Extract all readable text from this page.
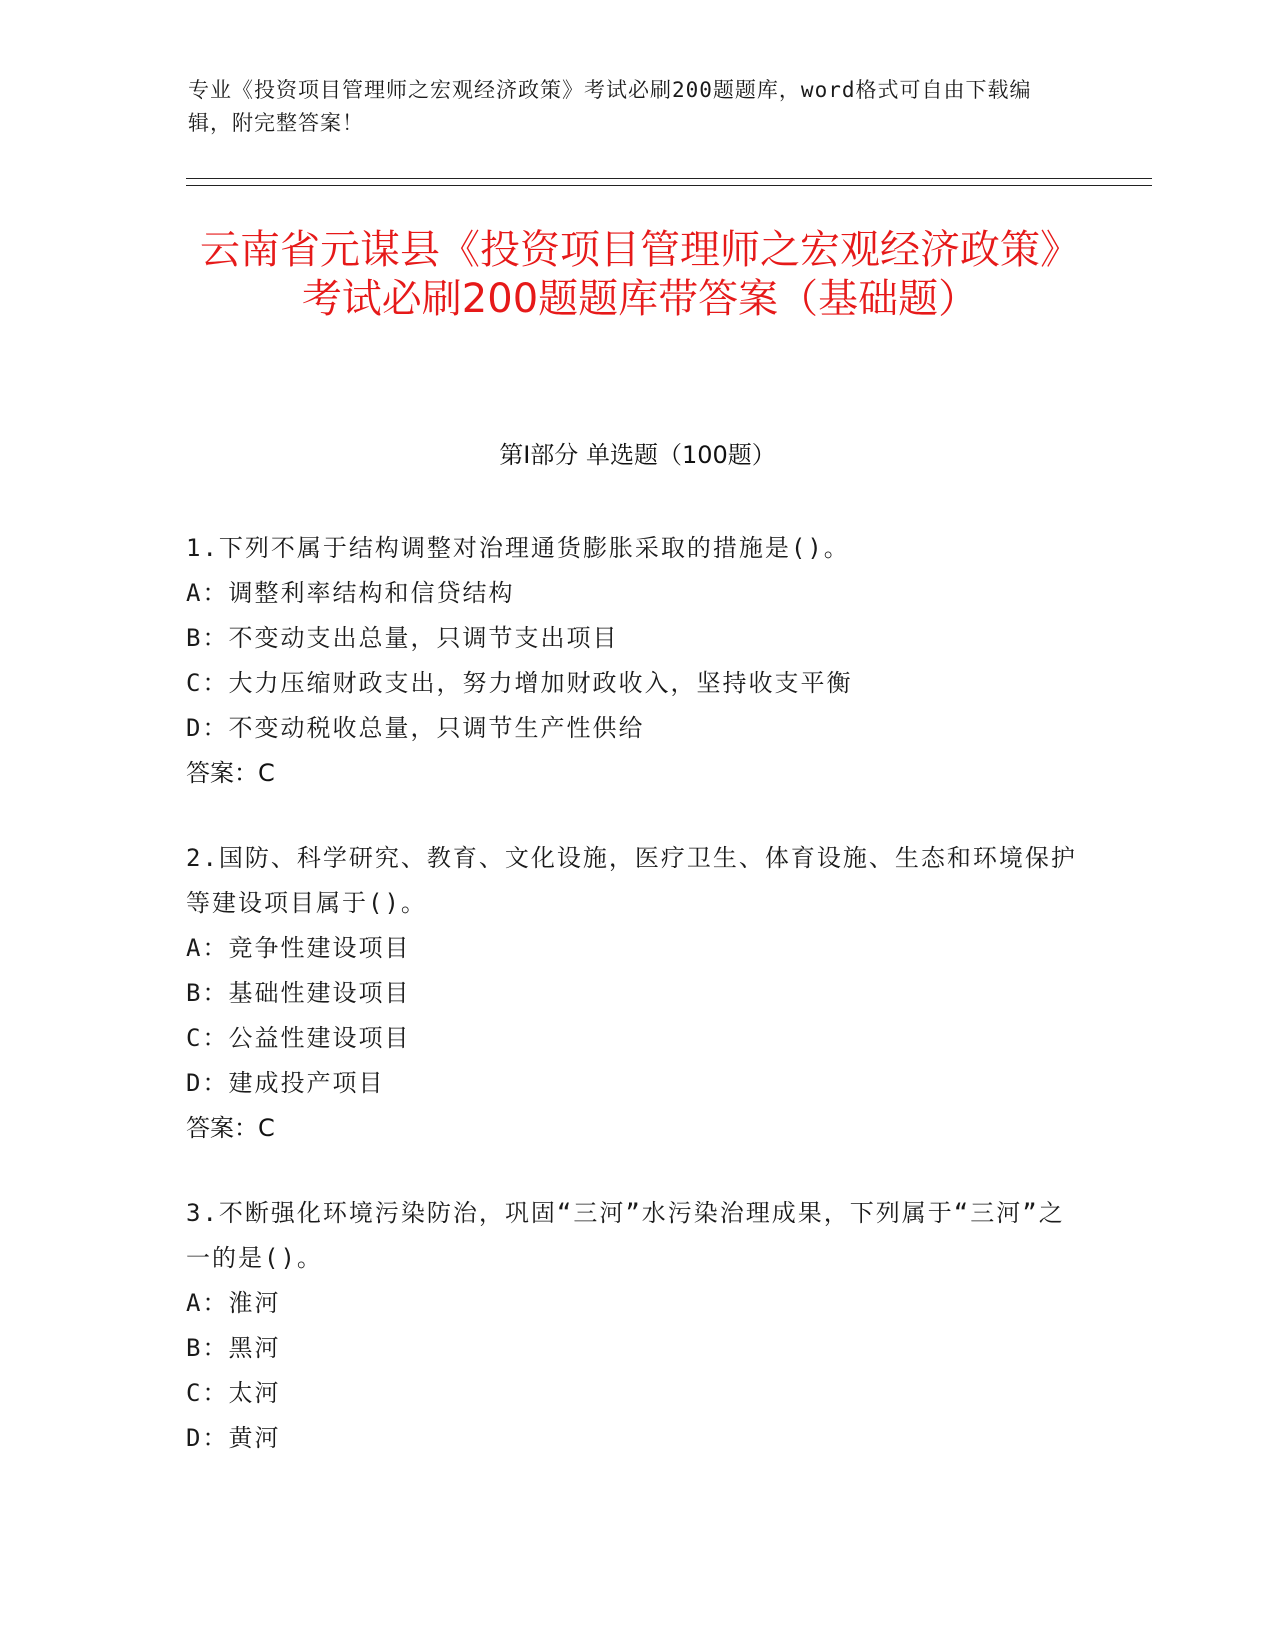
专业《投资项目管理师之宏观经济政策》考试必刷200题题库，word格式可自由下载编辑，附完整答案！
云南省元谋县《投资项目管理师之宏观经济政策》考试必刷200题题库带答案（基础题）
第Ⅰ部分 单选题（100题）
1.下列不属于结构调整对治理通货膨胀采取的措施是()。
A：调整利率结构和信贷结构
B：不变动支出总量，只调节支出项目
C：大力压缩财政支出，努力增加财政收入，坚持收支平衡
D：不变动税收总量，只调节生产性供给
答案：C
2.国防、科学研究、教育、文化设施，医疗卫生、体育设施、生态和环境保护等建设项目属于()。
A：竞争性建设项目
B：基础性建设项目
C：公益性建设项目
D：建成投产项目
答案：C
3.不断强化环境污染防治，巩固“三河”水污染治理成果，下列属于“三河”之一的是()。
A：淮河
B：黑河
C：太河
D：黄河
